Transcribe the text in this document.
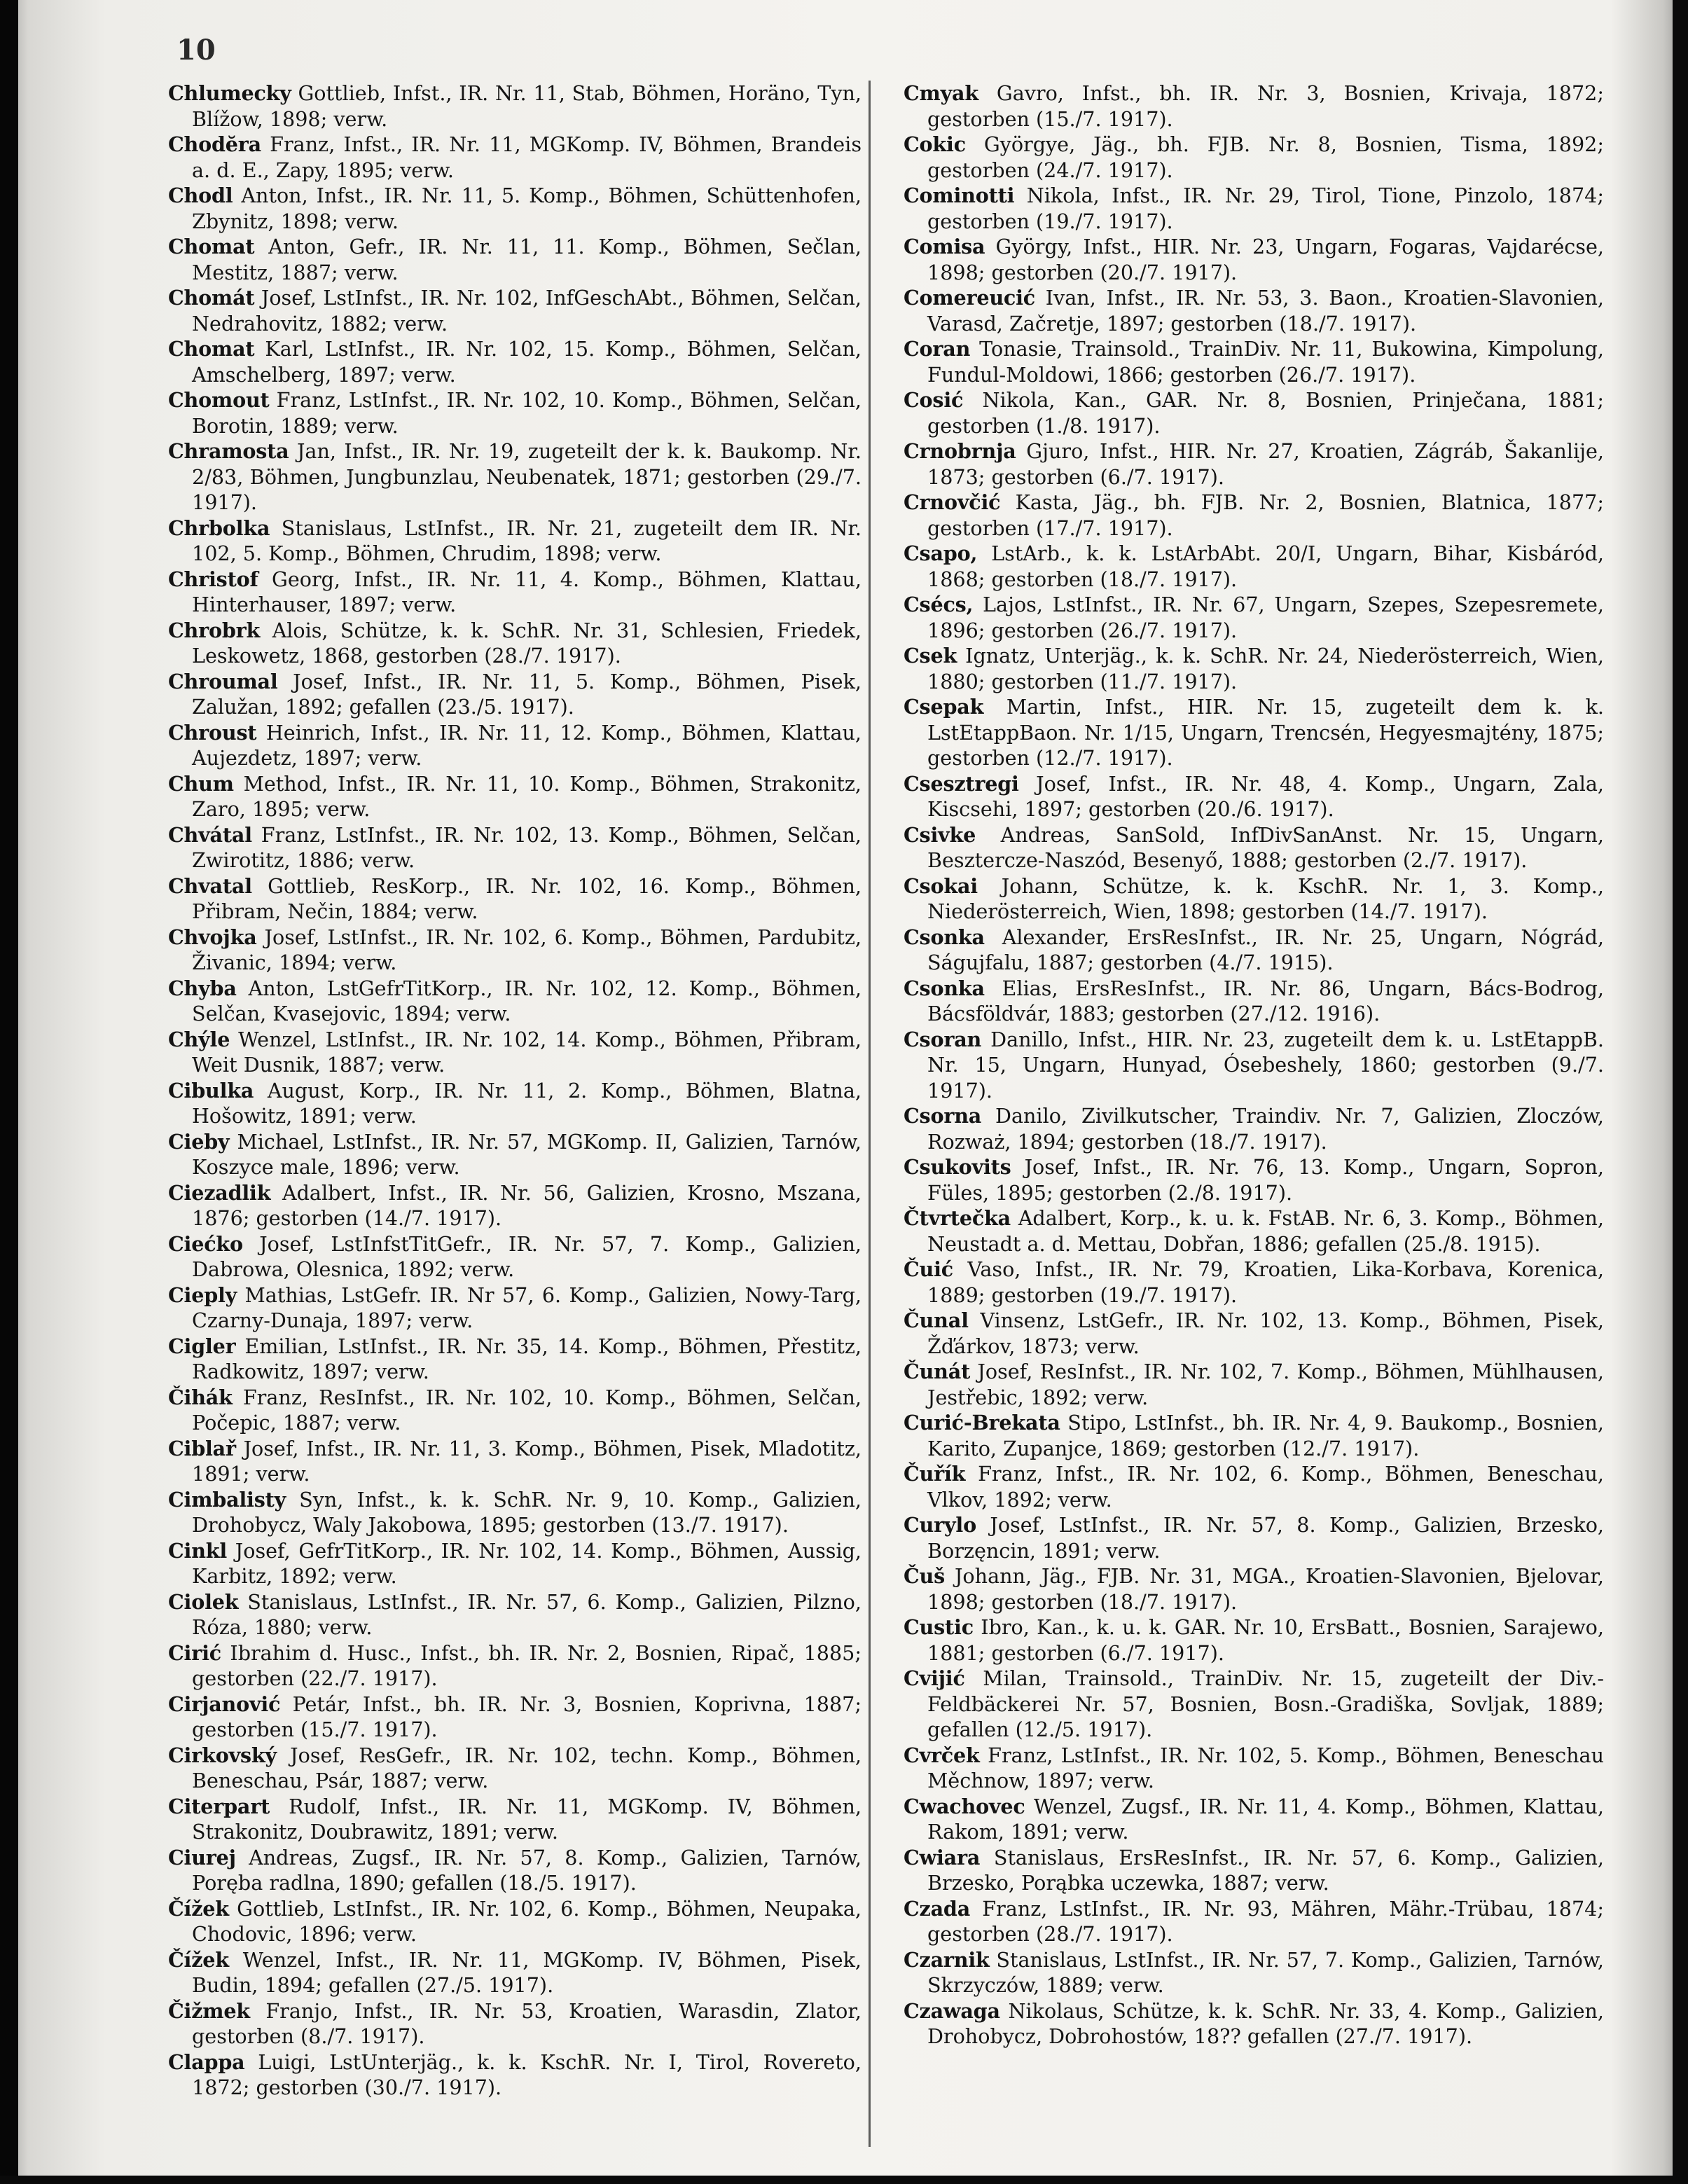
10

Chlumecky Gottlieb, Infst., IR. Nr. 11, Stab, Böhmen, Horäno, Tyn, Blížow, 1898; verw.

Chodĕra Franz, Infst., IR. Nr. 11, MGKomp. IV, Böhmen, Brandeis a. d. E., Zapy, 1895; verw.

Chodl Anton, Infst., IR. Nr. 11, 5. Komp., Böhmen, Schüttenhofen, Zbynitz, 1898; verw.

Chomat Anton, Gefr., IR. Nr. 11, 11. Komp., Böhmen, Sečlan, Mestitz, 1887; verw.

Chomát Josef, LstInfst., IR. Nr. 102, InfGeschAbt., Böhmen, Selčan, Nedrahovitz, 1882; verw.

Chomat Karl, LstInfst., IR. Nr. 102, 15. Komp., Böhmen, Selčan, Amschelberg, 1897; verw.

Chomout Franz, LstInfst., IR. Nr. 102, 10. Komp., Böhmen, Selčan, Borotin, 1889; verw.

Chramosta Jan, Infst., IR. Nr. 19, zugeteilt der k. k. Baukomp. Nr. 2/83, Böhmen, Jungbunzlau, Neubenatek, 1871; gestorben (29./7. 1917).

Chrbolka Stanislaus, LstInfst., IR. Nr. 21, zugeteilt dem IR. Nr. 102, 5. Komp., Böhmen, Chrudim, 1898; verw.

Christof Georg, Infst., IR. Nr. 11, 4. Komp., Böhmen, Klattau, Hinterhauser, 1897; verw.

Chrobrk Alois, Schütze, k. k. SchR. Nr. 31, Schlesien, Friedek, Leskowetz, 1868, gestorben (28./7. 1917).

Chroumal Josef, Infst., IR. Nr. 11, 5. Komp., Böhmen, Pisek, Zalužan, 1892; gefallen (23./5. 1917).

Chroust Heinrich, Infst., IR. Nr. 11, 12. Komp., Böhmen, Klattau, Aujezdetz, 1897; verw.

Chum Method, Infst., IR. Nr. 11, 10. Komp., Böhmen, Strakonitz, Zaro, 1895; verw.

Chvátal Franz, LstInfst., IR. Nr. 102, 13. Komp., Böhmen, Selčan, Zwirotitz, 1886; verw.

Chvatal Gottlieb, ResKorp., IR. Nr. 102, 16. Komp., Böhmen, Přibram, Nečin, 1884; verw.

Chvojka Josef, LstInfst., IR. Nr. 102, 6. Komp., Böhmen, Pardubitz, Živanic, 1894; verw.

Chyba Anton, LstGefrTitKorp., IR. Nr. 102, 12. Komp., Böhmen, Selčan, Kvasejovic, 1894; verw.

Chýle Wenzel, LstInfst., IR. Nr. 102, 14. Komp., Böhmen, Přibram, Weit Dusnik, 1887; verw.

Cibulka August, Korp., IR. Nr. 11, 2. Komp., Böhmen, Blatna, Hošowitz, 1891; verw.

Cieby Michael, LstInfst., IR. Nr. 57, MGKomp. II, Galizien, Tarnów, Koszyce male, 1896; verw.

Ciezadlik Adalbert, Infst., IR. Nr. 56, Galizien, Krosno, Mszana, 1876; gestorben (14./7. 1917).

Ciećko Josef, LstInfstTitGefr., IR. Nr. 57, 7. Komp., Galizien, Dabrowa, Olesnica, 1892; verw.

Cieply Mathias, LstGefr. IR. Nr 57, 6. Komp., Galizien, Nowy-Targ, Czarny-Dunaja, 1897; verw.

Cigler Emilian, LstInfst., IR. Nr. 35, 14. Komp., Böhmen, Přestitz, Radkowitz, 1897; verw.

Čihák Franz, ResInfst., IR. Nr. 102, 10. Komp., Böhmen, Selčan, Počepic, 1887; verw.

Ciblař Josef, Infst., IR. Nr. 11, 3. Komp., Böhmen, Pisek, Mladotitz, 1891; verw.

Cimbalisty Syn, Infst., k. k. SchR. Nr. 9, 10. Komp., Galizien, Drohobycz, Waly Jakobowa, 1895; gestorben (13./7. 1917).

Cinkl Josef, GefrTitKorp., IR. Nr. 102, 14. Komp., Böhmen, Aussig, Karbitz, 1892; verw.

Ciolek Stanislaus, LstInfst., IR. Nr. 57, 6. Komp., Galizien, Pilzno, Róza, 1880; verw.

Cirić Ibrahim d. Husc., Infst., bh. IR. Nr. 2, Bosnien, Ripač, 1885; gestorben (22./7. 1917).

Cirjanović Petár, Infst., bh. IR. Nr. 3, Bosnien, Koprivna, 1887; gestorben (15./7. 1917).

Cirkovský Josef, ResGefr., IR. Nr. 102, techn. Komp., Böhmen, Beneschau, Psár, 1887; verw.

Citerpart Rudolf, Infst., IR. Nr. 11, MGKomp. IV, Böhmen, Strakonitz, Doubrawitz, 1891; verw.

Ciurej Andreas, Zugsf., IR. Nr. 57, 8. Komp., Galizien, Tarnów, Poręba radlna, 1890; gefallen (18./5. 1917).

Čížek Gottlieb, LstInfst., IR. Nr. 102, 6. Komp., Böhmen, Neupaka, Chodovic, 1896; verw.

Čížek Wenzel, Infst., IR. Nr. 11, MGKomp. IV, Böhmen, Pisek, Budin, 1894; gefallen (27./5. 1917).

Čižmek Franjo, Infst., IR. Nr. 53, Kroatien, Warasdin, Zlator, gestorben (8./7. 1917).

Clappa Luigi, LstUnterjäg., k. k. KschR. Nr. I, Tirol, Rovereto, 1872; gestorben (30./7. 1917).

Cmyak Gavro, Infst., bh. IR. Nr. 3, Bosnien, Krivaja, 1872; gestorben (15./7. 1917).

Cokic Györgye, Jäg., bh. FJB. Nr. 8, Bosnien, Tisma, 1892; gestorben (24./7. 1917).

Cominotti Nikola, Infst., IR. Nr. 29, Tirol, Tione, Pinzolo, 1874; gestorben (19./7. 1917).

Comisa György, Infst., HIR. Nr. 23, Ungarn, Fogaras, Vajdarécse, 1898; gestorben (20./7. 1917).

Comereucić Ivan, Infst., IR. Nr. 53, 3. Baon., Kroatien-Slavonien, Varasd, Začretje, 1897; gestorben (18./7. 1917).

Coran Tonasie, Trainsold., TrainDiv. Nr. 11, Bukowina, Kimpolung, Fundul-Moldowi, 1866; gestorben (26./7. 1917).

Cosić Nikola, Kan., GAR. Nr. 8, Bosnien, Prinječana, 1881; gestorben (1./8. 1917).

Crnobrnja Gjuro, Infst., HIR. Nr. 27, Kroatien, Zágráb, Šakanlije, 1873; gestorben (6./7. 1917).

Crnovčić Kasta, Jäg., bh. FJB. Nr. 2, Bosnien, Blatnica, 1877; gestorben (17./7. 1917).

Csapo, LstArb., k. k. LstArbAbt. 20/I, Ungarn, Bihar, Kisbáród, 1868; gestorben (18./7. 1917).

Csécs, Lajos, LstInfst., IR. Nr. 67, Ungarn, Szepes, Szepesremete, 1896; gestorben (26./7. 1917).

Csek Ignatz, Unterjäg., k. k. SchR. Nr. 24, Niederösterreich, Wien, 1880; gestorben (11./7. 1917).

Csepak Martin, Infst., HIR. Nr. 15, zugeteilt dem k. k. LstEtappBaon. Nr. 1/15, Ungarn, Trencsén, Hegyesmajtény, 1875; gestorben (12./7. 1917).

Csesztregi Josef, Infst., IR. Nr. 48, 4. Komp., Ungarn, Zala, Kiscsehi, 1897; gestorben (20./6. 1917).

Csivke Andreas, SanSold, InfDivSanAnst. Nr. 15, Ungarn, Besztercze-Naszód, Besenyő, 1888; gestorben (2./7. 1917).

Csokai Johann, Schütze, k. k. KschR. Nr. 1, 3. Komp., Niederösterreich, Wien, 1898; gestorben (14./7. 1917).

Csonka Alexander, ErsResInfst., IR. Nr. 25, Ungarn, Nógrád, Ságujfalu, 1887; gestorben (4./7. 1915).

Csonka Elias, ErsResInfst., IR. Nr. 86, Ungarn, Bács-Bodrog, Bácsföldvár, 1883; gestorben (27./12. 1916).

Csoran Danillo, Infst., HIR. Nr. 23, zugeteilt dem k. u. LstEtappB. Nr. 15, Ungarn, Hunyad, Ósebeshely, 1860; gestorben (9./7. 1917).

Csorna Danilo, Zivilkutscher, Traindiv. Nr. 7, Galizien, Zloczów, Rozważ, 1894; gestorben (18./7. 1917).

Csukovits Josef, Infst., IR. Nr. 76, 13. Komp., Ungarn, Sopron, Füles, 1895; gestorben (2./8. 1917).

Čtvrtečka Adalbert, Korp., k. u. k. FstAB. Nr. 6, 3. Komp., Böhmen, Neustadt a. d. Mettau, Dobřan, 1886; gefallen (25./8. 1915).

Čuić Vaso, Infst., IR. Nr. 79, Kroatien, Lika-Korbava, Korenica, 1889; gestorben (19./7. 1917).

Čunal Vinsenz, LstGefr., IR. Nr. 102, 13. Komp., Böhmen, Pisek, Žďárkov, 1873; verw.

Čunát Josef, ResInfst., IR. Nr. 102, 7. Komp., Böhmen, Mühlhausen, Jestřebic, 1892; verw.

Curić-Brekata Stipo, LstInfst., bh. IR. Nr. 4, 9. Baukomp., Bosnien, Karito, Zupanjce, 1869; gestorben (12./7. 1917).

Čuřík Franz, Infst., IR. Nr. 102, 6. Komp., Böhmen, Beneschau, Vlkov, 1892; verw.

Curylo Josef, LstInfst., IR. Nr. 57, 8. Komp., Galizien, Brzesko, Borzęncin, 1891; verw.

Čuš Johann, Jäg., FJB. Nr. 31, MGA., Kroatien-Slavonien, Bjelovar, 1898; gestorben (18./7. 1917).

Custic Ibro, Kan., k. u. k. GAR. Nr. 10, ErsBatt., Bosnien, Sarajewo, 1881; gestorben (6./7. 1917).

Cvijić Milan, Trainsold., TrainDiv. Nr. 15, zugeteilt der Div.-Feldbäckerei Nr. 57, Bosnien, Bosn.-Gradiška, Sovljak, 1889; gefallen (12./5. 1917).

Cvrček Franz, LstInfst., IR. Nr. 102, 5. Komp., Böhmen, Beneschau Měchnow, 1897; verw.

Cwachovec Wenzel, Zugsf., IR. Nr. 11, 4. Komp., Böhmen, Klattau, Rakom, 1891; verw.

Cwiara Stanislaus, ErsResInfst., IR. Nr. 57, 6. Komp., Galizien, Brzesko, Porąbka uczewka, 1887; verw.

Czada Franz, LstInfst., IR. Nr. 93, Mähren, Mähr.-Trübau, 1874; gestorben (28./7. 1917).

Czarnik Stanislaus, LstInfst., IR. Nr. 57, 7. Komp., Galizien, Tarnów, Skrzyczów, 1889; verw.

Czawaga Nikolaus, Schütze, k. k. SchR. Nr. 33, 4. Komp., Galizien, Drohobycz, Dobrohostów, 18?? gefallen (27./7. 1917).
